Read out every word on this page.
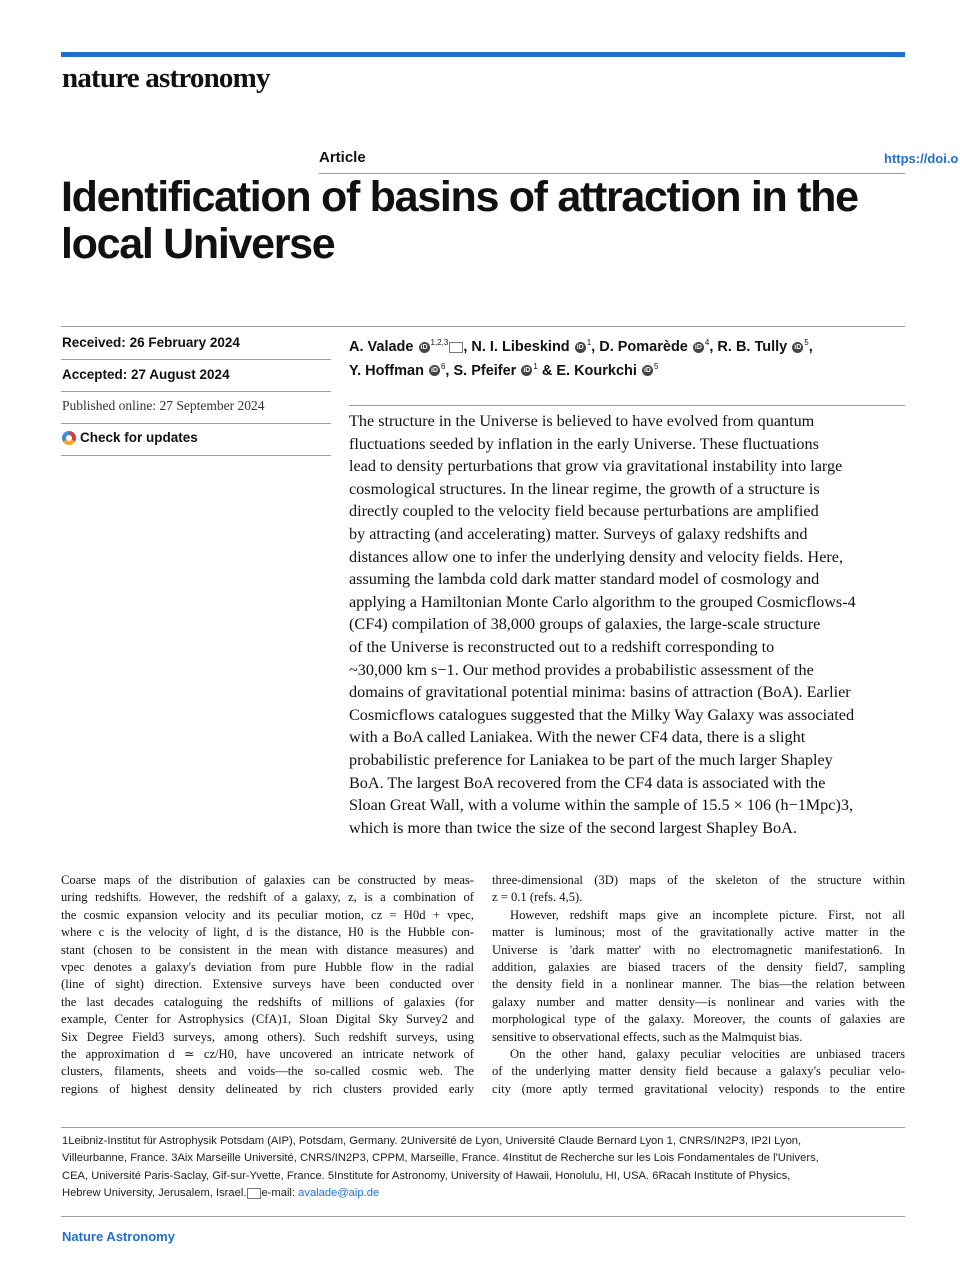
nature astronomy
Article	https://doi.o
Identification of basins of attraction in the local Universe
Received: 26 February 2024
Accepted: 27 August 2024
Published online: 27 September 2024
Check for updates
A. Valade iD $^{1,2,3}$ , N. I. Libeskind iD $^1$, D. Pomarède iD $^4$, R. B. Tully iD $^5$,
Y. Hoffman iD $^6$, S. Pfeifer iD $^1$ & E. Kourkchi iD $^5$
The structure in the Universe is believed to have evolved from quantum
fluctuations seeded by inflation in the early Universe. These fluctuations
lead to density perturbations that grow via gravitational instability into large
cosmological structures. In the linear regime, the growth of a structure is
directly coupled to the velocity field because perturbations are amplified
by attracting (and accelerating) matter. Surveys of galaxy redshifts and
distances allow one to infer the underlying density and velocity fields. Here,
assuming the lambda cold dark matter standard model of cosmology and
applying a Hamiltonian Monte Carlo algorithm to the grouped Cosmicflows-4
(CF4) compilation of 38,000 groups of galaxies, the large-scale structure
of the Universe is reconstructed out to a redshift corresponding to
~30,000 km s−1. Our method provides a probabilistic assessment of the
domains of gravitational potential minima: basins of attraction (BoA). Earlier
Cosmicflows catalogues suggested that the Milky Way Galaxy was associated
with a BoA called Laniakea. With the newer CF4 data, there is a slight
probabilistic preference for Laniakea to be part of the much larger Shapley
BoA. The largest BoA recovered from the CF4 data is associated with the
Sloan Great Wall, with a volume within the sample of 15.5 × 106 (h−1Mpc)3,
which is more than twice the size of the second largest Shapley BoA.
Coarse maps of the distribution of galaxies can be constructed by meas-
uring redshifts. However, the redshift of a galaxy, z, is a combination of
the cosmic expansion velocity and its peculiar motion, cz = H0d + vpec,
where c is the velocity of light, d is the distance, H0 is the Hubble con-
stant (chosen to be consistent in the mean with distance measures) and
vpec denotes a galaxy's deviation from pure Hubble flow in the radial
(line of sight) direction. Extensive surveys have been conducted over
the last decades cataloguing the redshifts of millions of galaxies (for
example, Center for Astrophysics (CfA)1, Sloan Digital Sky Survey2 and
Six Degree Field3 surveys, among others). Such redshift surveys, using
the approximation d ≃ cz/H0, have uncovered an intricate network of
clusters, filaments, sheets and voids—the so-called cosmic web. The
regions of highest density delineated by rich clusters provided early
three-dimensional (3D) maps of the skeleton of the structure within
z = 0.1 (refs. 4,5).
However, redshift maps give an incomplete picture. First, not all
matter is luminous; most of the gravitationally active matter in the
Universe is 'dark matter' with no electromagnetic manifestation6. In
addition, galaxies are biased tracers of the density field7, sampling
the density field in a nonlinear manner. The bias—the relation between
galaxy number and matter density—is nonlinear and varies with the
morphological type of the galaxy. Moreover, the counts of galaxies are
sensitive to observational effects, such as the Malmquist bias.
On the other hand, galaxy peculiar velocities are unbiased tracers
of the underlying matter density field because a galaxy's peculiar velo-
city (more aptly termed gravitational velocity) responds to the entire
1Leibniz-Institut für Astrophysik Potsdam (AIP), Potsdam, Germany. 2Université de Lyon, Université Claude Bernard Lyon 1, CNRS/IN2P3, IP2I Lyon,
Villeurbanne, France. 3Aix Marseille Université, CNRS/IN2P3, CPPM, Marseille, France. 4Institut de Recherche sur les Lois Fondamentales de l'Univers,
CEA, Université Paris-Saclay, Gif-sur-Yvette, France. 5Institute for Astronomy, University of Hawaii, Honolulu, HI, USA. 6Racah Institute of Physics,
Hebrew University, Jerusalem, Israel. e-mail: avalade@aip.de
Nature Astronomy
